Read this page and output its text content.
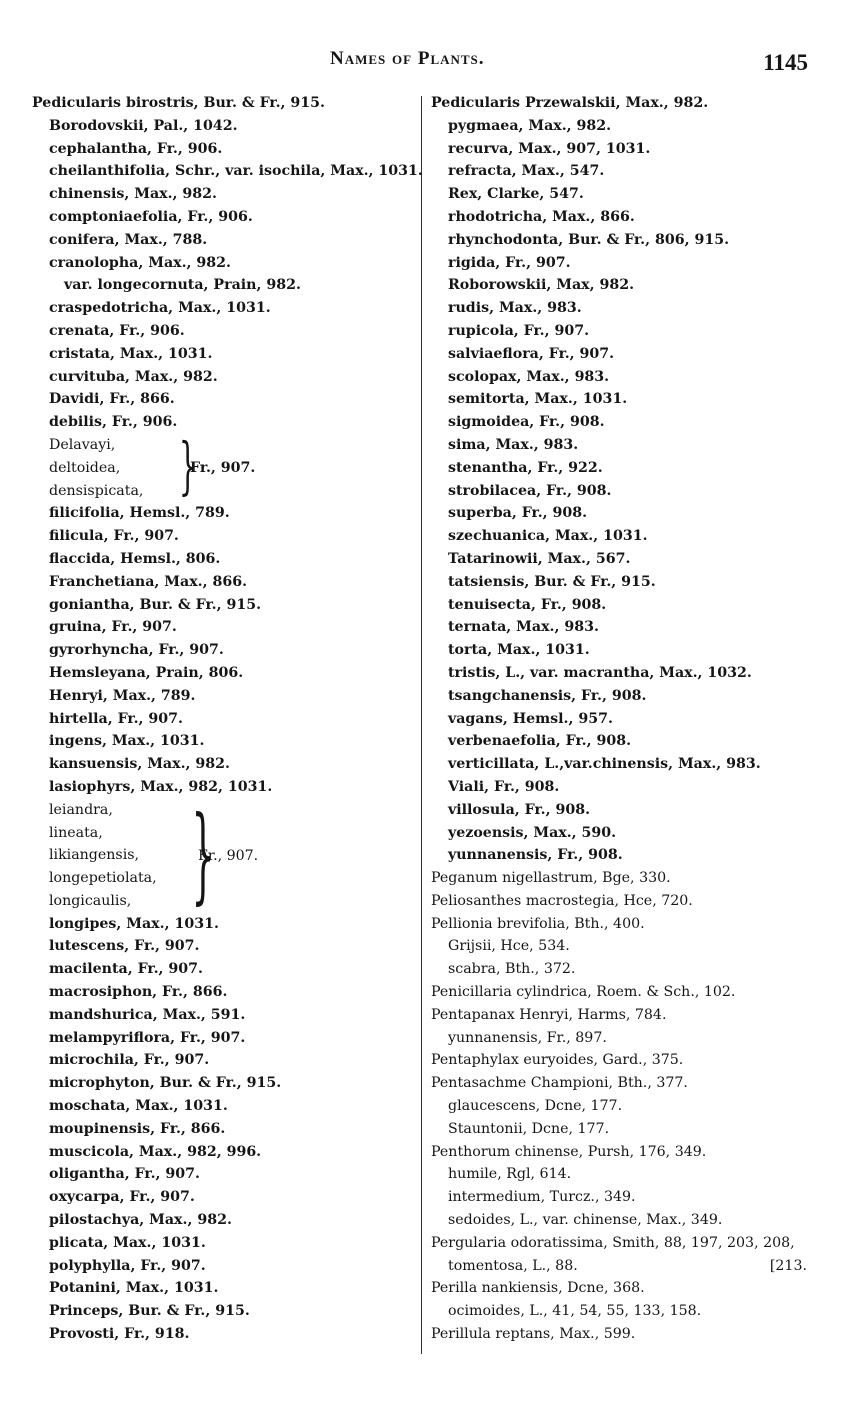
Names of Plants.	1145
Pedicularis birostris, Bur. & Fr., 915.
Borodovskii, Pal., 1042.
cephalantha, Fr., 906.
cheilanthifolia, Schr., var. isochila, Max., 1031.
chinensis, Max., 982.
comptoniaefolia, Fr., 906.
conifera, Max., 788.
cranolopha, Max., 982.
var. longecornuta, Prain, 982.
craspedotricha, Max., 1031.
crenata, Fr., 906.
cristata, Max., 1031.
curvituba, Max., 982.
Davidi, Fr., 866.
debilis, Fr., 906.
Delavayi,
deltoidea,
densispicata, }
Fr., 907.
filicifolia, Hemsl., 789.
filicula, Fr., 907.
flaccida, Hemsl., 806.
Franchetiana, Max., 866.
goniantha, Bur. & Fr., 915.
gruina, Fr., 907.
gyrorhyncha, Fr., 907.
Hemsleyana, Prain, 806.
Henryi, Max., 789.
hirtella, Fr., 907.
ingens, Max., 1031.
kansuensis, Max., 982.
lasiophyrs, Max., 982, 1031.
leiandra,
lineata,
likiangensis,
longepetiolata,
longicaulis, }
Fr., 907.
longipes, Max., 1031.
lutescens, Fr., 907.
macilenta, Fr., 907.
macrosiphon, Fr., 866.
mandshurica, Max., 591.
melampyriflora, Fr., 907.
microchila, Fr., 907.
microphyton, Bur. & Fr., 915.
moschata, Max., 1031.
moupinensis, Fr., 866.
muscicola, Max., 982, 996.
oligantha, Fr., 907.
oxycarpa, Fr., 907.
pilostachya, Max., 982.
plicata, Max., 1031.
polyphylla, Fr., 907.
Potanini, Max., 1031.
Princeps, Bur. & Fr., 915.
Provosti, Fr., 918.
Pedicularis Przewalskii, Max., 982.
pygmaea, Max., 982.
recurva, Max., 907, 1031.
refracta, Max., 547.
Rex, Clarke, 547.
rhodotricha, Max., 866.
rhynchodonta, Bur. & Fr., 806, 915.
rigida, Fr., 907.
Roborowskii, Max, 982.
rudis, Max., 983.
rupicola, Fr., 907.
salviaeflora, Fr., 907.
scolopax, Max., 983.
semitorta, Max., 1031.
sigmoidea, Fr., 908.
sima, Max., 983.
stenantha, Fr., 922.
strobilacea, Fr., 908.
superba, Fr., 908.
szechuanica, Max., 1031.
Tatarinowii, Max., 567.
tatsiensis, Bur. & Fr., 915.
tenuisecta, Fr., 908.
ternata, Max., 983.
torta, Max., 1031.
tristis, L., var. macrantha, Max., 1032.
tsangchanensis, Fr., 908.
vagans, Hemsl., 957.
verbenaefolia, Fr., 908.
verticillata, L.,var.chinensis, Max., 983.
Viali, Fr., 908.
villosula, Fr., 908.
yezoensis, Max., 590.
yunnanensis, Fr., 908.
Peganum nigellastrum, Bge, 330.
Peliosanthes macrostegia, Hce, 720.
Pellionia brevifolia, Bth., 400.
Grijsii, Hce, 534.
scabra, Bth., 372.
Penicillaria cylindrica, Roem. & Sch., 102.
Pentapanax Henryi, Harms, 784.
yunnanensis, Fr., 897.
Pentaphylax euryoides, Gard., 375.
Pentasachme Championi, Bth., 377.
glaucescens, Dcne, 177.
Stauntonii, Dcne, 177.
Penthorum chinense, Pursh, 176, 349.
humile, Rgl, 614.
intermedium, Turcz., 349.
sedoides, L., var. chinense, Max., 349.
Pergularia odoratissima, Smith, 88, 197, 203, 208,
tomentosa, L., 88.	[213.
Perilla nankiensis, Dcne, 368.
ocimoides, L., 41, 54, 55, 133, 158.
Perillula reptans, Max., 599.
